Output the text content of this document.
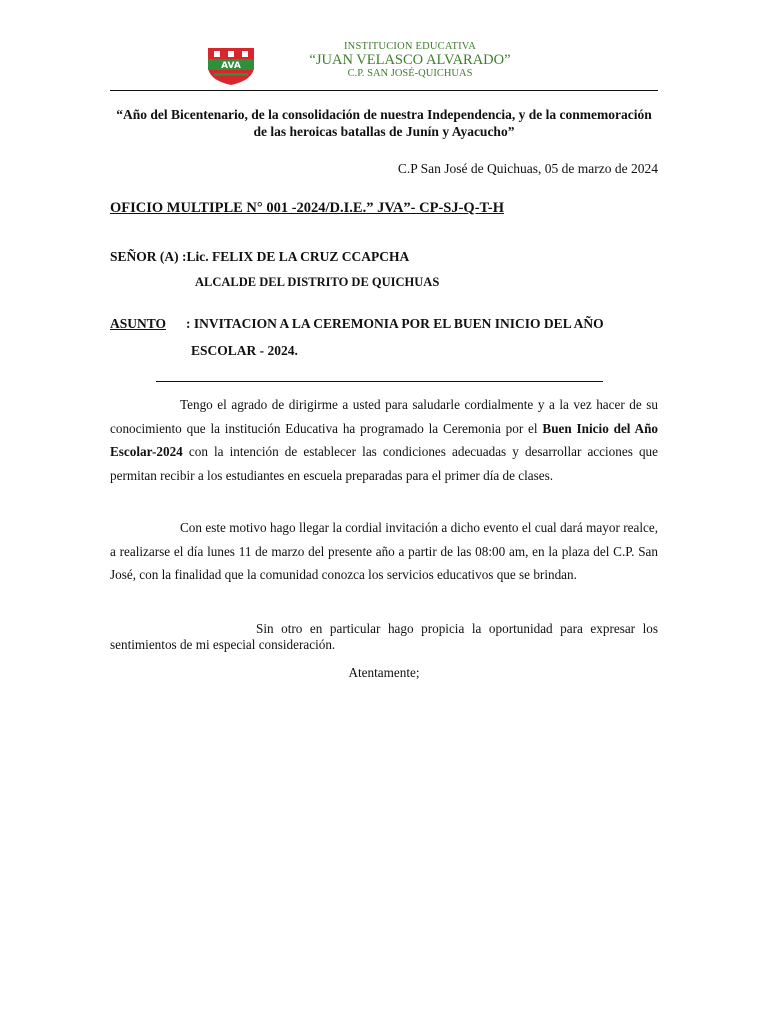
AVA
INSTITUCION EDUCATIVA
“JUAN VELASCO ALVARADO”
C.P. SAN JOSÉ-QUICHUAS
“Año del Bicentenario, de la consolidación de nuestra Independencia, y de la conmemoración de las heroicas batallas de Junín y Ayacucho”
C.P San José de Quichuas, 05 de marzo de 2024
OFICIO MULTIPLE N° 001 -2024/D.I.E.” JVA”- CP-SJ-Q-T-H
SEÑOR (A) :Lic. FELIX DE LA CRUZ CCAPCHA
ALCALDE DEL DISTRITO DE QUICHUAS
ASUNTO : INVITACION A LA CEREMONIA POR EL BUEN INICIO DEL AÑO
ESCOLAR - 2024.

Tengo el agrado de dirigirme a usted para saludarle cordialmente y a la vez hacer de su conocimiento que la institución Educativa ha programado la Ceremonia por el Buen Inicio del Año Escolar-2024 con la intención de establecer las condiciones adecuadas y desarrollar acciones que permitan recibir a los estudiantes en escuela preparadas para el primer día de clases.

Con este motivo hago llegar la cordial invitación a dicho evento el cual dará mayor realce, a realizarse el día lunes 11 de marzo del presente año a partir de las 08:00 am, en la plaza del C.P. San José, con la finalidad que la comunidad conozca los servicios educativos que se brindan.

Sin otro en particular hago propicia la oportunidad para expresar los sentimientos de mi especial consideración.

Atentamente;
